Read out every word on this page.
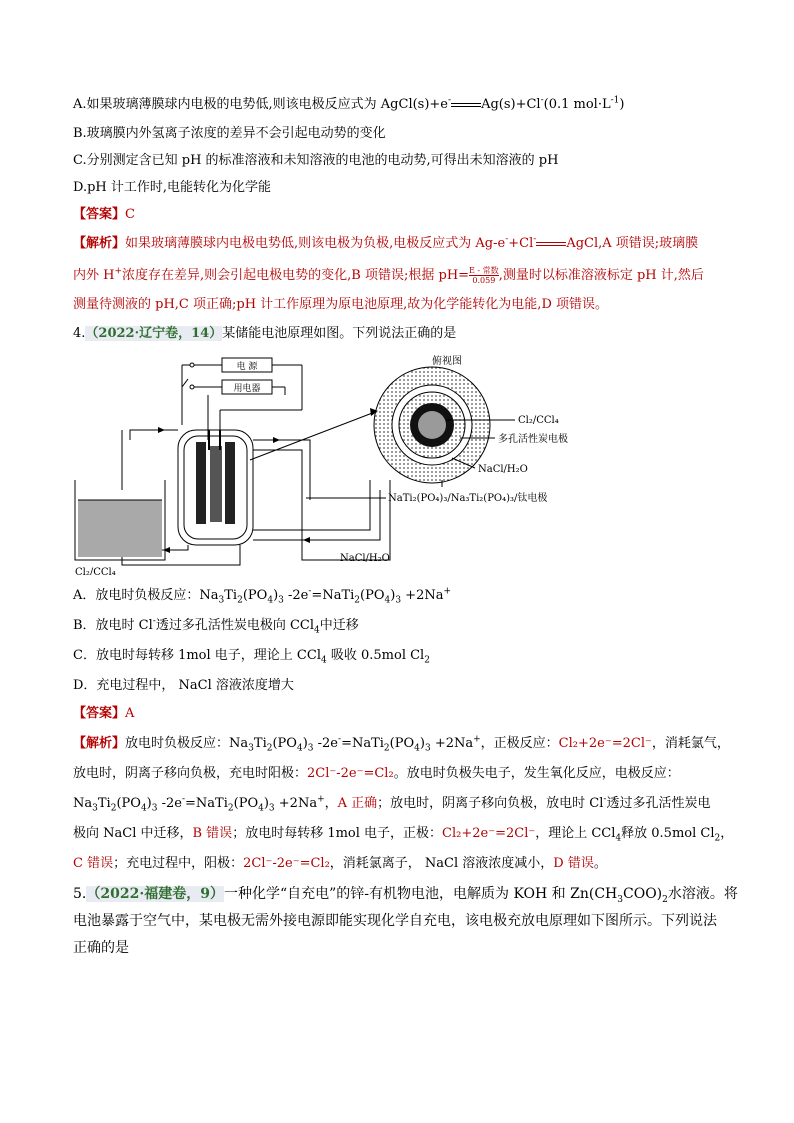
A.如果玻璃薄膜球内电极的电势低,则该电极反应式为 AgCl(s)+e- Ag(s)+Cl-(0.1 $mol\cdot L^{-1}$)
B.玻璃膜内外氢离子浓度的差异不会引起电动势的变化
C.分别测定含已知 pH 的标准溶液和未知溶液的电池的电动势,可得出未知溶液的 pH
D.pH 计工作时,电能转化为化学能
【答案】C
【解析】如果玻璃薄膜球内电极电势低,则该电极为负极,电极反应式为 Ag-e-+Cl- AgCl,A 项错误;玻璃膜
内外 H+浓度存在差异,则会引起电极电势的变化,B 项错误;根据 $pH= \frac{\text{E - 常数}}{0.059}$ ,测量时以标准溶液标定 pH 计,然后
测量待测液的 pH,C 项正确;pH 计工作原理为原电池原理,故为化学能转化为电能,D 项错误。
4.（2022·辽宁卷，14）某储能电池原理如图。下列说法正确的是
电 源
用电器
Cl₂/CCl₄
NaCl/H₂O
俯视图
Cl₂/CCl₄
多孔活性炭电极
NaCl/H₂O
NaTi₂(PO₄)₃/Na₃Ti₂(PO₄)₃/钛电极
A．放电时负极反应：$Na_3Ti_2(PO_4)_3$ $-2e^-=NaTi_2(PO_4)_3 +2Na^+$
B．放电时 Cl-透过多孔活性炭电极向 CCl$_4$中迁移
C．放电时每转移 1mol 电子，理论上 CCl$_4$ 吸收 0.5mol $Cl_2$
D．充电过程中， NaCl 溶液浓度增大
【答案】A
【解析】放电时负极反应：$Na_3Ti_2(PO_4)_3$ $-2e^-=NaTi_2(PO_4)_3 +2Na^+$，正极反应：Cl₂+2e⁻=2Cl⁻，消耗氯气，
放电时，阴离子移向负极，充电时阳极：2Cl⁻-2e⁻=Cl₂。放电时负极失电子，发生氧化反应，电极反应：
$Na_3Ti_2(PO_4)_3$ $-2e^-=NaTi_2(PO_4)_3 +2Na^+$，A 正确；放电时，阴离子移向负极，放电时 Cl-透过多孔活性炭电
极向 NaCl 中迁移，B 错误；放电时每转移 1mol 电子，正极：Cl₂+2e⁻=2Cl⁻，理论上 CCl$_4$释放 0.5mol $Cl_2$，
C 错误；充电过程中，阳极：2Cl⁻-2e⁻=Cl₂，消耗氯离子， NaCl 溶液浓度减小，D 错误。
5.（2022·福建卷，9）一种化学“自充电”的锌-有机物电池，电解质为 KOH 和 $Zn(CH_3COO)_2$水溶液。将
电池暴露于空气中，某电极无需外接电源即能实现化学自充电，该电极充放电原理如下图所示。下列说法
正确的是
